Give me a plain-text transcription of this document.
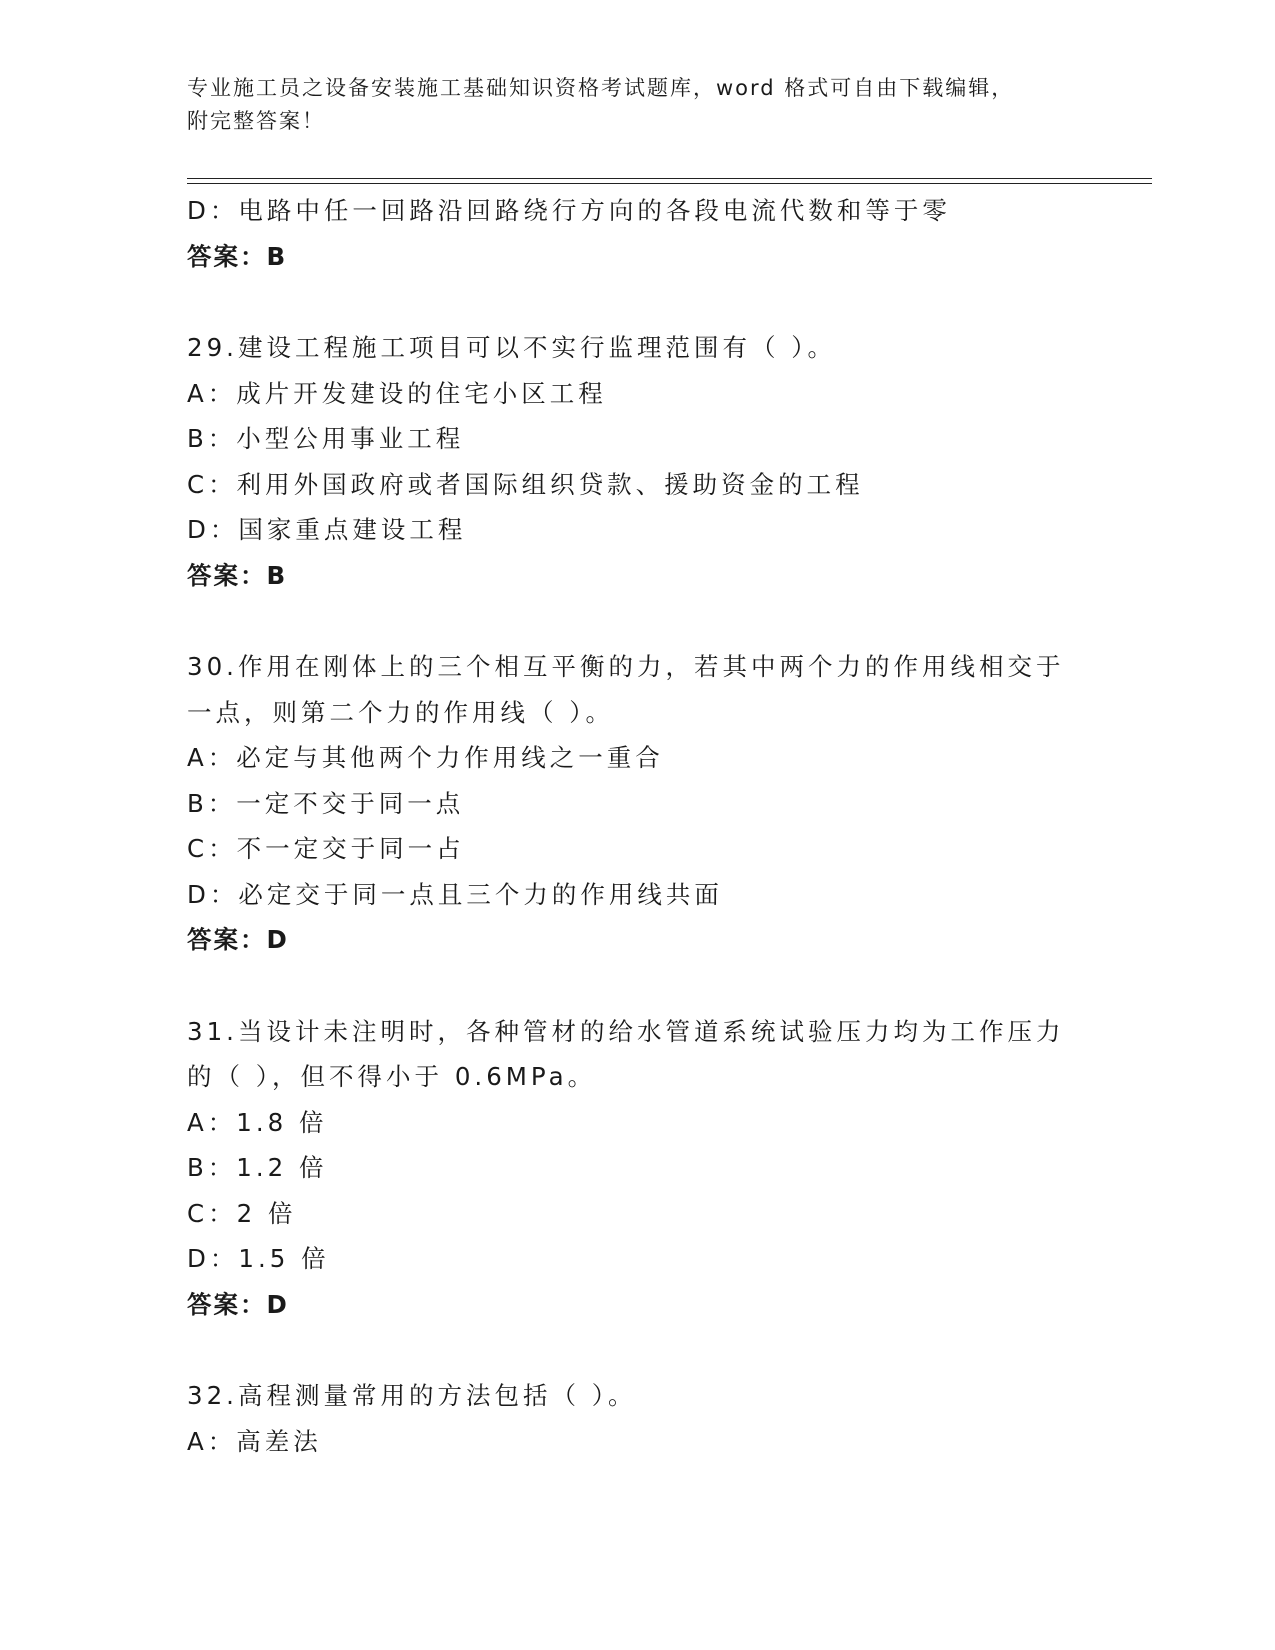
专业施工员之设备安装施工基础知识资格考试题库，word 格式可自由下载编辑，
附完整答案！
D：电路中任一回路沿回路绕行方向的各段电流代数和等于零
答案：B
29.建设工程施工项目可以不实行监理范围有（ ）。
A：成片开发建设的住宅小区工程
B：小型公用事业工程
C：利用外国政府或者国际组织贷款、援助资金的工程
D：国家重点建设工程
答案：B
30.作用在刚体上的三个相互平衡的力，若其中两个力的作用线相交于
一点，则第二个力的作用线（ ）。
A：必定与其他两个力作用线之一重合
B：一定不交于同一点
C：不一定交于同一占
D：必定交于同一点且三个力的作用线共面
答案：D
31.当设计未注明时，各种管材的给水管道系统试验压力均为工作压力
的（ ），但不得小于 0.6MPa。
A：1.8 倍
B：1.2 倍
C：2 倍
D：1.5 倍
答案：D
32.高程测量常用的方法包括（ ）。
A：高差法
